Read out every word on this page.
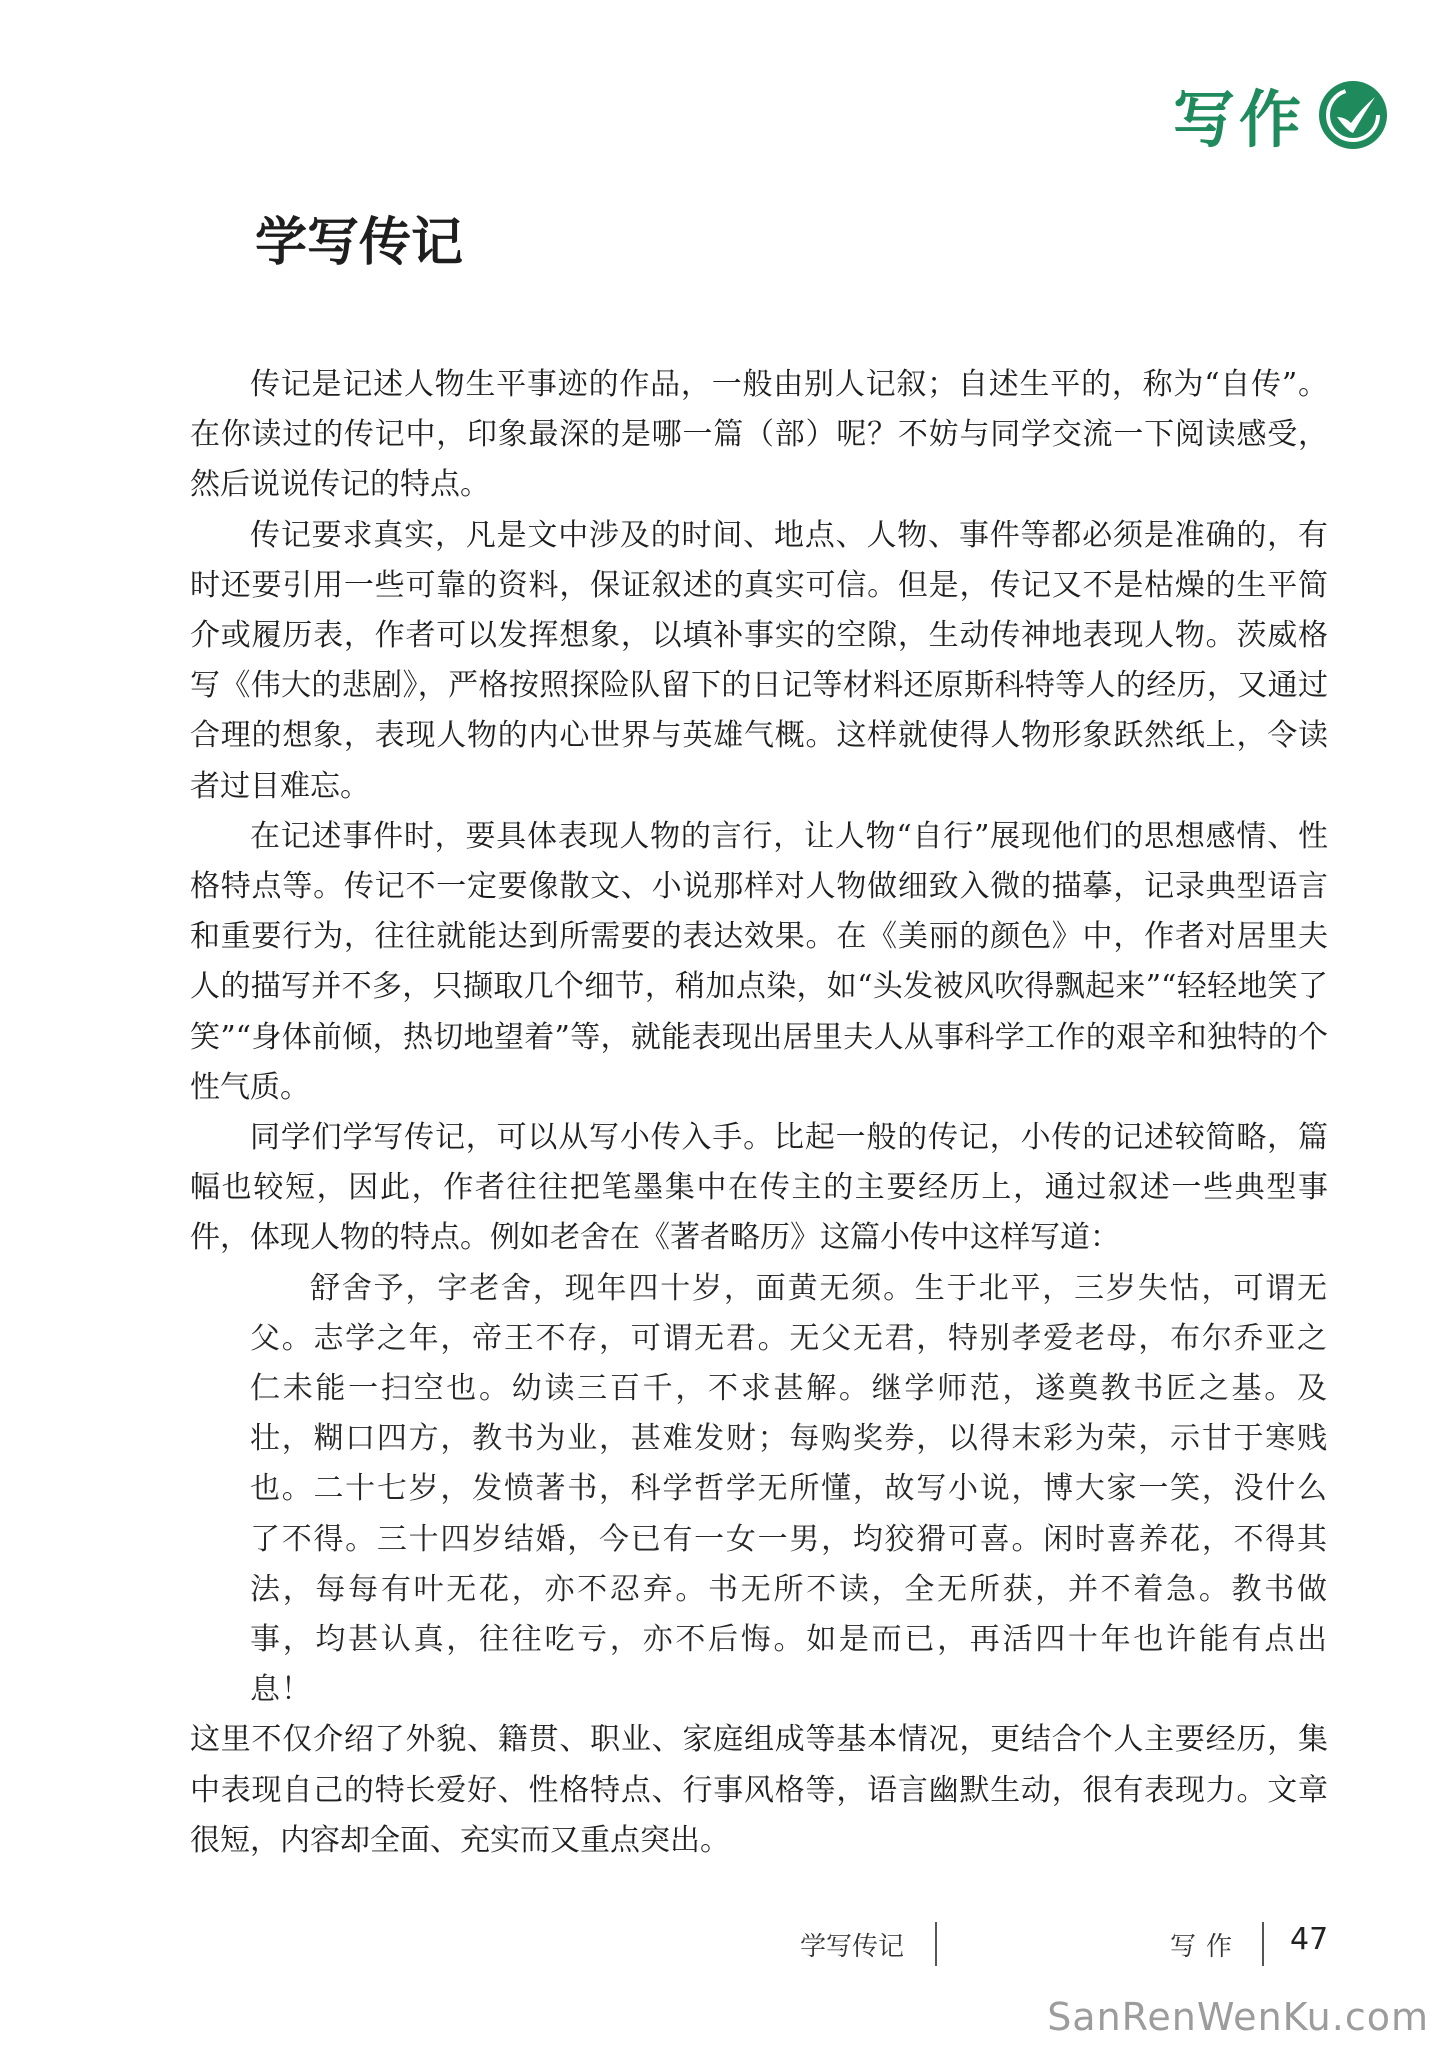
写作
学写传记

传记是记述人物生平事迹的作品，一般由别人记叙；自述生平的，称为“自传”。在你读过的传记中，印象最深的是哪一篇（部）呢？不妨与同学交流一下阅读感受，然后说说传记的特点。

传记要求真实，凡是文中涉及的时间、地点、人物、事件等都必须是准确的，有时还要引用一些可靠的资料，保证叙述的真实可信。但是，传记又不是枯燥的生平简介或履历表，作者可以发挥想象，以填补事实的空隙，生动传神地表现人物。茨威格写《伟大的悲剧》，严格按照探险队留下的日记等材料还原斯科特等人的经历，又通过合理的想象，表现人物的内心世界与英雄气概。这样就使得人物形象跃然纸上，令读者过目难忘。

在记述事件时，要具体表现人物的言行，让人物“自行”展现他们的思想感情、性格特点等。传记不一定要像散文、小说那样对人物做细致入微的描摹，记录典型语言和重要行为，往往就能达到所需要的表达效果。在《美丽的颜色》中，作者对居里夫人的描写并不多，只撷取几个细节，稍加点染，如“头发被风吹得飘起来”“轻轻地笑了笑”“身体前倾，热切地望着”等，就能表现出居里夫人从事科学工作的艰辛和独特的个性气质。

同学们学写传记，可以从写小传入手。比起一般的传记，小传的记述较简略，篇幅也较短，因此，作者往往把笔墨集中在传主的主要经历上，通过叙述一些典型事件，体现人物的特点。例如老舍在《著者略历》这篇小传中这样写道：

舒舍予，字老舍，现年四十岁，面黄无须。生于北平，三岁失怙，可谓无父。志学之年，帝王不存，可谓无君。无父无君，特别孝爱老母，布尔乔亚之仁未能一扫空也。幼读三百千，不求甚解。继学师范，遂奠教书匠之基。及壮，糊口四方，教书为业，甚难发财；每购奖券，以得末彩为荣，示甘于寒贱也。二十七岁，发愤著书，科学哲学无所懂，故写小说，博大家一笑，没什么了不得。三十四岁结婚，今已有一女一男，均狡猾可喜。闲时喜养花，不得其法，每每有叶无花，亦不忍弃。书无所不读，全无所获，并不着急。教书做事，均甚认真，往往吃亏，亦不后悔。如是而已，再活四十年也许能有点出息！

这里不仅介绍了外貌、籍贯、职业、家庭组成等基本情况，更结合个人主要经历，集中表现自己的特长爱好、性格特点、行事风格等，语言幽默生动，很有表现力。文章很短，内容却全面、充实而又重点突出。

学写传记	写作 47
SanRenWenKu.com
